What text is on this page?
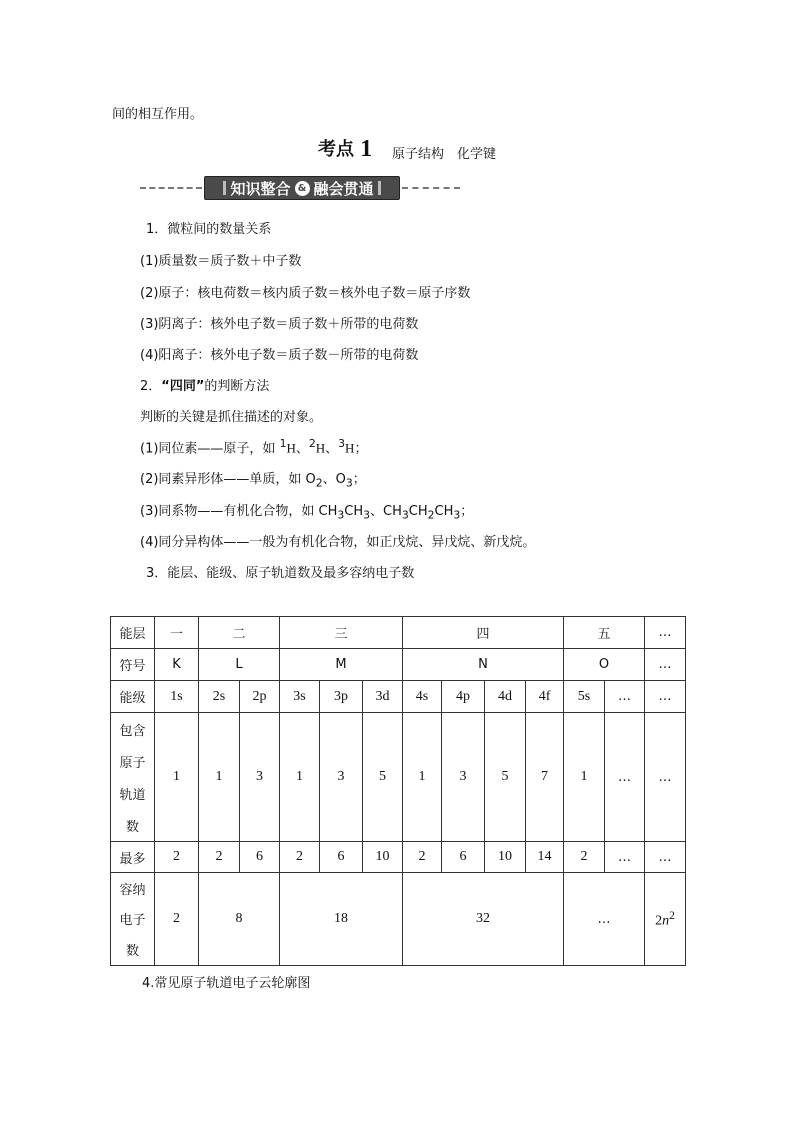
间的相互作用。
考点 1 原子结构　化学键
知识整合 & 融会贯通
1．微粒间的数量关系
(1)质量数＝质子数＋中子数
(2)原子：核电荷数＝核内质子数＝核外电子数＝原子序数
(3)阴离子：核外电子数＝质子数＋所带的电荷数
(4)阳离子：核外电子数＝质子数－所带的电荷数
2．“四同”的判断方法
判断的关键是抓住描述的对象。
(1)同位素——原子，如 $^1$H、$^2$H、$^3$H；
(2)同素异形体——单质，如 $O_2$、$O_3$；
(3)同系物——有机化合物，如 $CH_3CH_3$、$CH_3CH_2CH_3$；
(4)同分异构体——一般为有机化合物，如正戊烷、异戊烷、新戊烷。
3．能层、能级、原子轨道数及最多容纳电子数
能层	一	二		三			四				五		…
符号	K	L		M			N				O		…
能级	1s	2s	2p	3s	3p	3d	4s	4p	4d	4f	5s	…	…

包含
原子
轨道
数	1	1	3	1	3	5	1	3	5	7	1	…	…
最多	2	2	6	2	6	10	2	6	10	14	2	…	…

容纳
电子
数	2	8		18			32				…		$2n^2$
4.常见原子轨道电子云轮廓图
